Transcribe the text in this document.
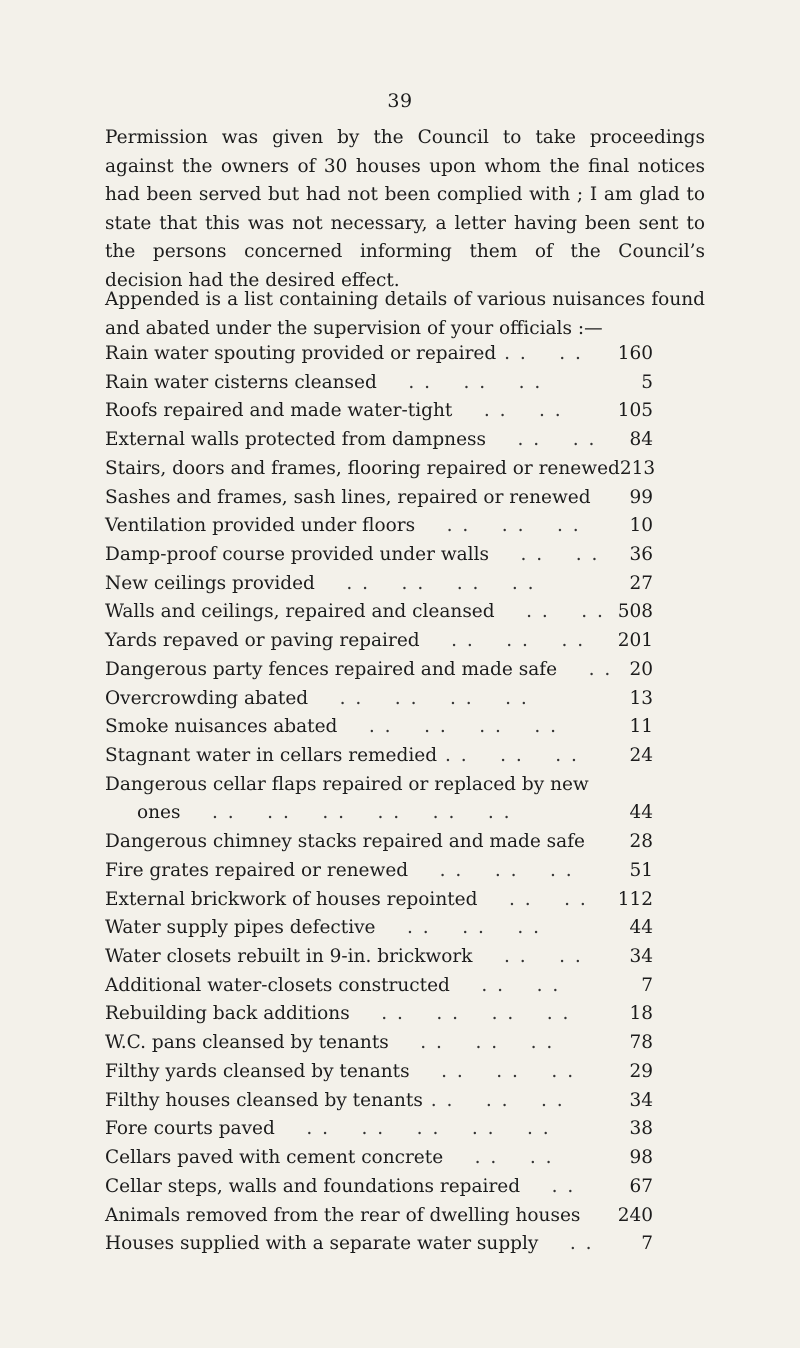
39

Permission was given by the Council to take proceedings against the owners of 30 houses upon whom the final notices had been served but had not been complied with ; I am glad to state that this was not necessary, a letter having been sent to the persons concerned informing them of the Council’s decision had the desired effect.

Appended is a list containing details of various nuisances found and abated under the supervision of your officials :—

Rain water spouting provided or repaired . .    . .	160
Rain water cisterns cleansed    . .    . .    . .	5
Roofs repaired and made water-tight    . .    . .	105
External walls protected from dampness    . .    . .	84
Stairs, doors and frames, flooring repaired or renewed 213
Sashes and frames, sash lines, repaired or renewed	99
Ventilation provided under floors    . .    . .    . .	10
Damp-proof course provided under walls    . .    . .	36
New ceilings provided    . .    . .    . .    . .	27
Walls and ceilings, repaired and cleansed    . .    . . 508
Yards repaved or paving repaired    . .    . .    . .	201
Dangerous party fences repaired and made safe    . . 20
Overcrowding abated    . .    . .    . .    . .	13
Smoke nuisances abated    . .    . .    . .    . .	11
Stagnant water in cellars remedied . .    . .    . .	24
Dangerous cellar flaps repaired or replaced by new
ones    . .    . .    . .    . .    . .    . .	44
Dangerous chimney stacks repaired and made safe	28
Fire grates repaired or renewed    . .    . .    . .	51
External brickwork of houses repointed    . .    . .	112
Water supply pipes defective    . .    . .    . .	44
Water closets rebuilt in 9-in. brickwork    . .    . .	34
Additional water-closets constructed    . .    . .	7
Rebuilding back additions    . .    . .    . .    . .	18
W.C. pans cleansed by tenants    . .    . .    . .	78
Filthy yards cleansed by tenants    . .    . .    . .	29
Filthy houses cleansed by tenants . .    . .    . .	34
Fore courts paved    . .    . .    . .    . .    . .	38
Cellars paved with cement concrete    . .    . .	98
Cellar steps, walls and foundations repaired    . .	67
Animals removed from the rear of dwelling houses	240
Houses supplied with a separate water supply    . .	7
